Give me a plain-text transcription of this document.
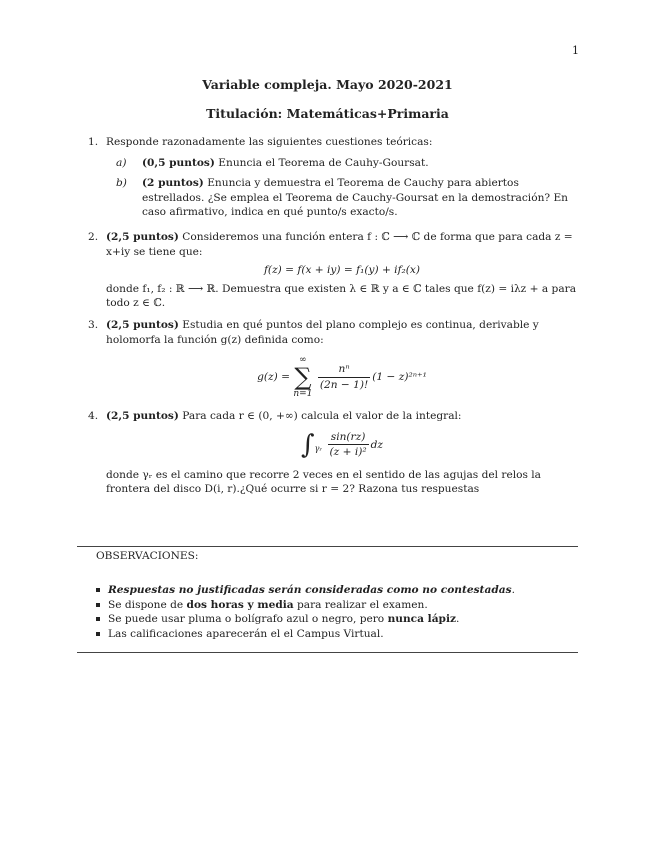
1
Variable compleja. Mayo 2020-2021
Titulación: Matemáticas+Primaria
1. Responde razonadamente las siguientes cuestiones teóricas:
a) (0,5 puntos) Enuncia el Teorema de Cauhy-Goursat.
b) (2 puntos) Enuncia y demuestra el Teorema de Cauchy para abiertos estrellados. ¿Se emplea el Teorema de Cauchy-Goursat en la demostración? En caso afirmativo, indica en qué punto/s exacto/s.
2. (2,5 puntos) Consideremos una función entera f : ℂ ⟶ ℂ de forma que para cada z = x+iy se tiene que:
f(z) = f(x + iy) = f₁(y) + if₂(x)
donde f₁, f₂ : ℝ ⟶ ℝ. Demuestra que existen λ ∈ ℝ y a ∈ ℂ tales que f(z) = iλz + a para todo z ∈ ℂ.
3. (2,5 puntos) Estudia en qué puntos del plano complejo es continua, derivable y holomorfa la función g(z) definida como:
g(z) =
∞
∑
n=1

$\frac{\text{nⁿ}}{(2n - 1)!} (1 - z)^{2n+1}$
4. (2,5 puntos) Para cada r ∈ (0, +∞) calcula el valor de la integral:
$\int_{\gamma ᵣ} \frac{\sin(rz)}{\text{(z + i)²}}$ dz
donde γᵣ es el camino que recorre 2 veces en el sentido de las agujas del relos la frontera del disco D(i, r).¿Qué ocurre si r = 2? Razona tus respuestas
OBSERVACIONES:
Respuestas no justificadas serán consideradas como no contestadas.
Se dispone de dos horas y media para realizar el examen.
Se puede usar pluma o bolígrafo azul o negro, pero nunca lápiz.
Las calificaciones aparecerán el el Campus Virtual.
